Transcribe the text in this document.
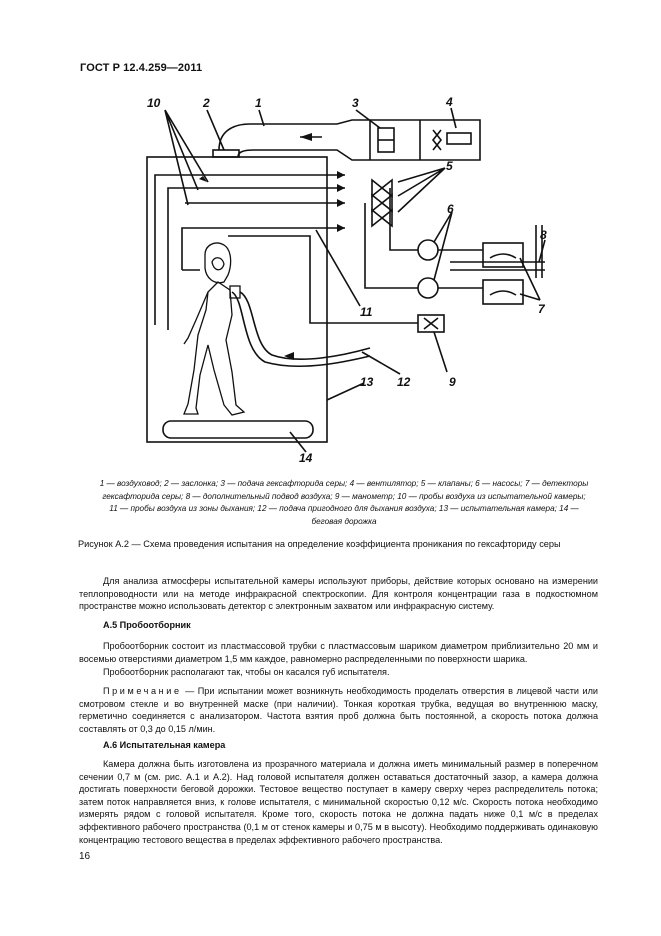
ГОСТ Р 12.4.259—2011
1
2	3	4
5
6
7
8
9
10
11
12
13
14
1 — воздуховод; 2 — заслонка; 3 — подача гексафторида серы; 4 — вентилятор; 5 — клапаны; 6 — насосы; 7 — детекторы
гексафторида серы; 8 — дополнительный подвод воздуха; 9 — манометр; 10 — пробы воздуха из испытательной камеры;
11 — пробы воздуха из зоны дыхания; 12 — подача пригодного для дыхания воздуха; 13 — испытательная камера; 14 —
беговая дорожка
Рисунок А.2 — Схема проведения испытания на определение коэффициента проникания по гексафториду серы

Для анализа атмосферы испытательной камеры используют приборы, действие которых основано на измерении теплопроводности или на методе инфракрасной спектроскопии. Для контроля концентрации газа в подкостюмном пространстве можно использовать детектор с электронным захватом или инфракрасную систему.

А.5 Пробоотборник

Пробоотборник состоит из пластмассовой трубки с пластмассовым шариком диаметром приблизительно 20 мм и восемью отверстиями диаметром 1,5 мм каждое, равномерно распределенными по поверхности шарика.

Пробоотборник располагают так, чтобы он касался губ испытателя.

Примечание — При испытании может возникнуть необходимость проделать отверстия в лицевой части или смотровом стекле и во внутренней маске (при наличии). Тонкая короткая трубка, ведущая во внутреннюю маску, герметично соединяется с анализатором. Частота взятия проб должна быть постоянной, а скорость потока должна составлять от 0,3 до 0,15 л/мин.

А.6 Испытательная камера

Камера должна быть изготовлена из прозрачного материала и должна иметь минимальный размер в поперечном сечении 0,7 м (см. рис. А.1 и А.2). Над головой испытателя должен оставаться достаточный зазор, а камера должна достигать поверхности беговой дорожки. Тестовое вещество поступает в камеру сверху через распределитель потока; затем поток направляется вниз, к голове испытателя, с минимальной скоростью 0,12 м/с. Скорость потока необходимо измерять рядом с головой испытателя. Кроме того, скорость потока не должна падать ниже 0,1 м/с в пределах эффективного рабочего пространства (0,1 м от стенок камеры и 0,75 м в высоту). Необходимо поддерживать одинаковую концентрацию тестового вещества в пределах эффективного рабочего пространства.

16
